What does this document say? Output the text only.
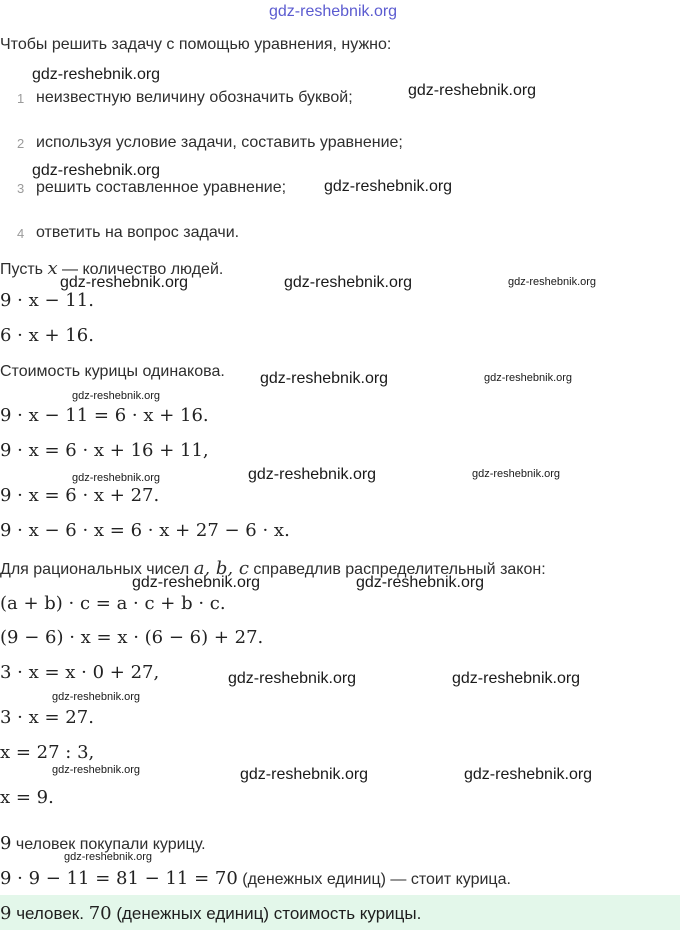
gdz-reshebnik.org
Чтобы решить задачу с помощью уравнения, нужно:
1 неизвестную величину обозначить буквой;
2 используя условие задачи, составить уравнение;
3 решить составленное уравнение;
4 ответить на вопрос задачи.
Пусть x — количество людей.
9 · x − 11.
6 · x + 16.
Стоимость курицы одинакова.
9 · x − 11 = 6 · x + 16.
9 · x = 6 · x + 16 + 11,
9 · x = 6 · x + 27.
9 · x − 6 · x = 6 · x + 27 − 6 · x.
Для рациональных чисел a, b, c справедлив распределительный закон:
(a + b) · c = a · c + b · c.
(9 − 6) · x = x · (6 − 6) + 27.
3 · x = x · 0 + 27,
3 · x = 27.
x = 27 : 3,
x = 9.
9 человек покупали курицу.
9 · 9 − 11 = 81 − 11 = 70 (денежных единиц) — стоит курица.
9 человек. 70 (денежных единиц) стоимость курицы.
gdz-reshebnik.org
gdz-reshebnik.org
gdz-reshebnik.org
gdz-reshebnik.org
gdz-reshebnik.org	gdz-reshebnik.org	gdz-reshebnik.org
gdz-reshebnik.org	gdz-reshebnik.org
gdz-reshebnik.org
gdz-reshebnik.org	gdz-reshebnik.org
gdz-reshebnik.org
gdz-reshebnik.org	gdz-reshebnik.org
gdz-reshebnik.org	gdz-reshebnik.org
gdz-reshebnik.org
gdz-reshebnik.org	gdz-reshebnik.org
gdz-reshebnik.org
gdz-reshebnik.org
